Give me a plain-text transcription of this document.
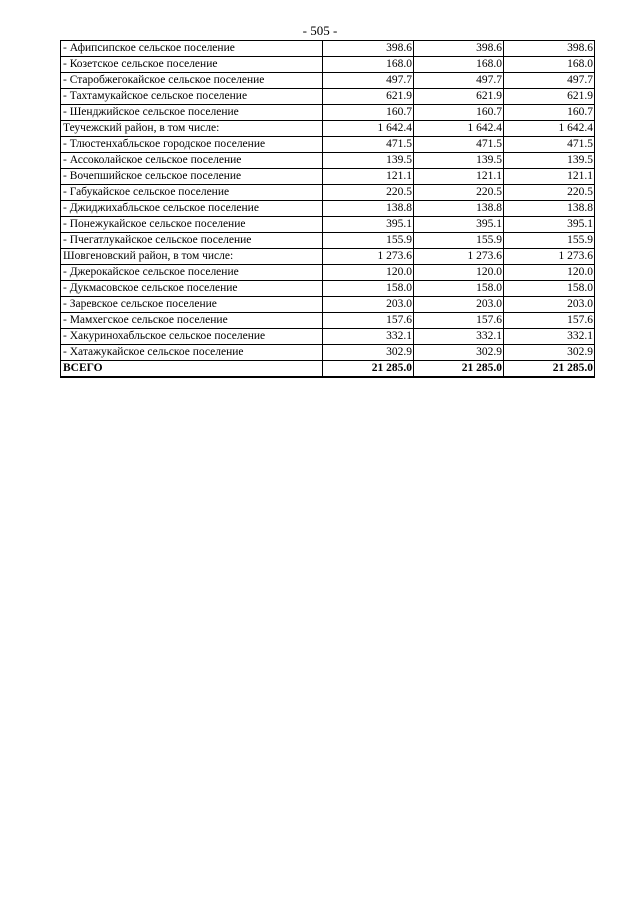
- 505 -
- Афипсипское сельское поселение	398.6	398.6	398.6
- Козетское сельское поселение	168.0	168.0	168.0
- Старобжегокайское сельское поселение	497.7	497.7	497.7
- Тахтамукайское сельское поселение	621.9	621.9	621.9
- Шенджийское сельское поселение	160.7	160.7	160.7
Теучежский район, в том числе:	1 642.4	1 642.4	1 642.4
- Тлюстенхабльское городское поселение	471.5	471.5	471.5
- Ассоколайское сельское поселение	139.5	139.5	139.5
- Вочепшийское сельское поселение	121.1	121.1	121.1
- Габукайское сельское поселение	220.5	220.5	220.5
- Джиджихабльское сельское поселение	138.8	138.8	138.8
- Понежукайское сельское поселение	395.1	395.1	395.1
- Пчегатлукайское сельское поселение	155.9	155.9	155.9
Шовгеновский район, в том числе:	1 273.6	1 273.6	1 273.6
- Джерокайское сельское поселение	120.0	120.0	120.0
- Дукмасовское сельское поселение	158.0	158.0	158.0
- Заревское сельское поселение	203.0	203.0	203.0
- Мамхегское сельское поселение	157.6	157.6	157.6
- Хакуринохабльское сельское поселение	332.1	332.1	332.1
- Хатажукайское сельское поселение	302.9	302.9	302.9
ВСЕГО	21 285.0	21 285.0	21 285.0
